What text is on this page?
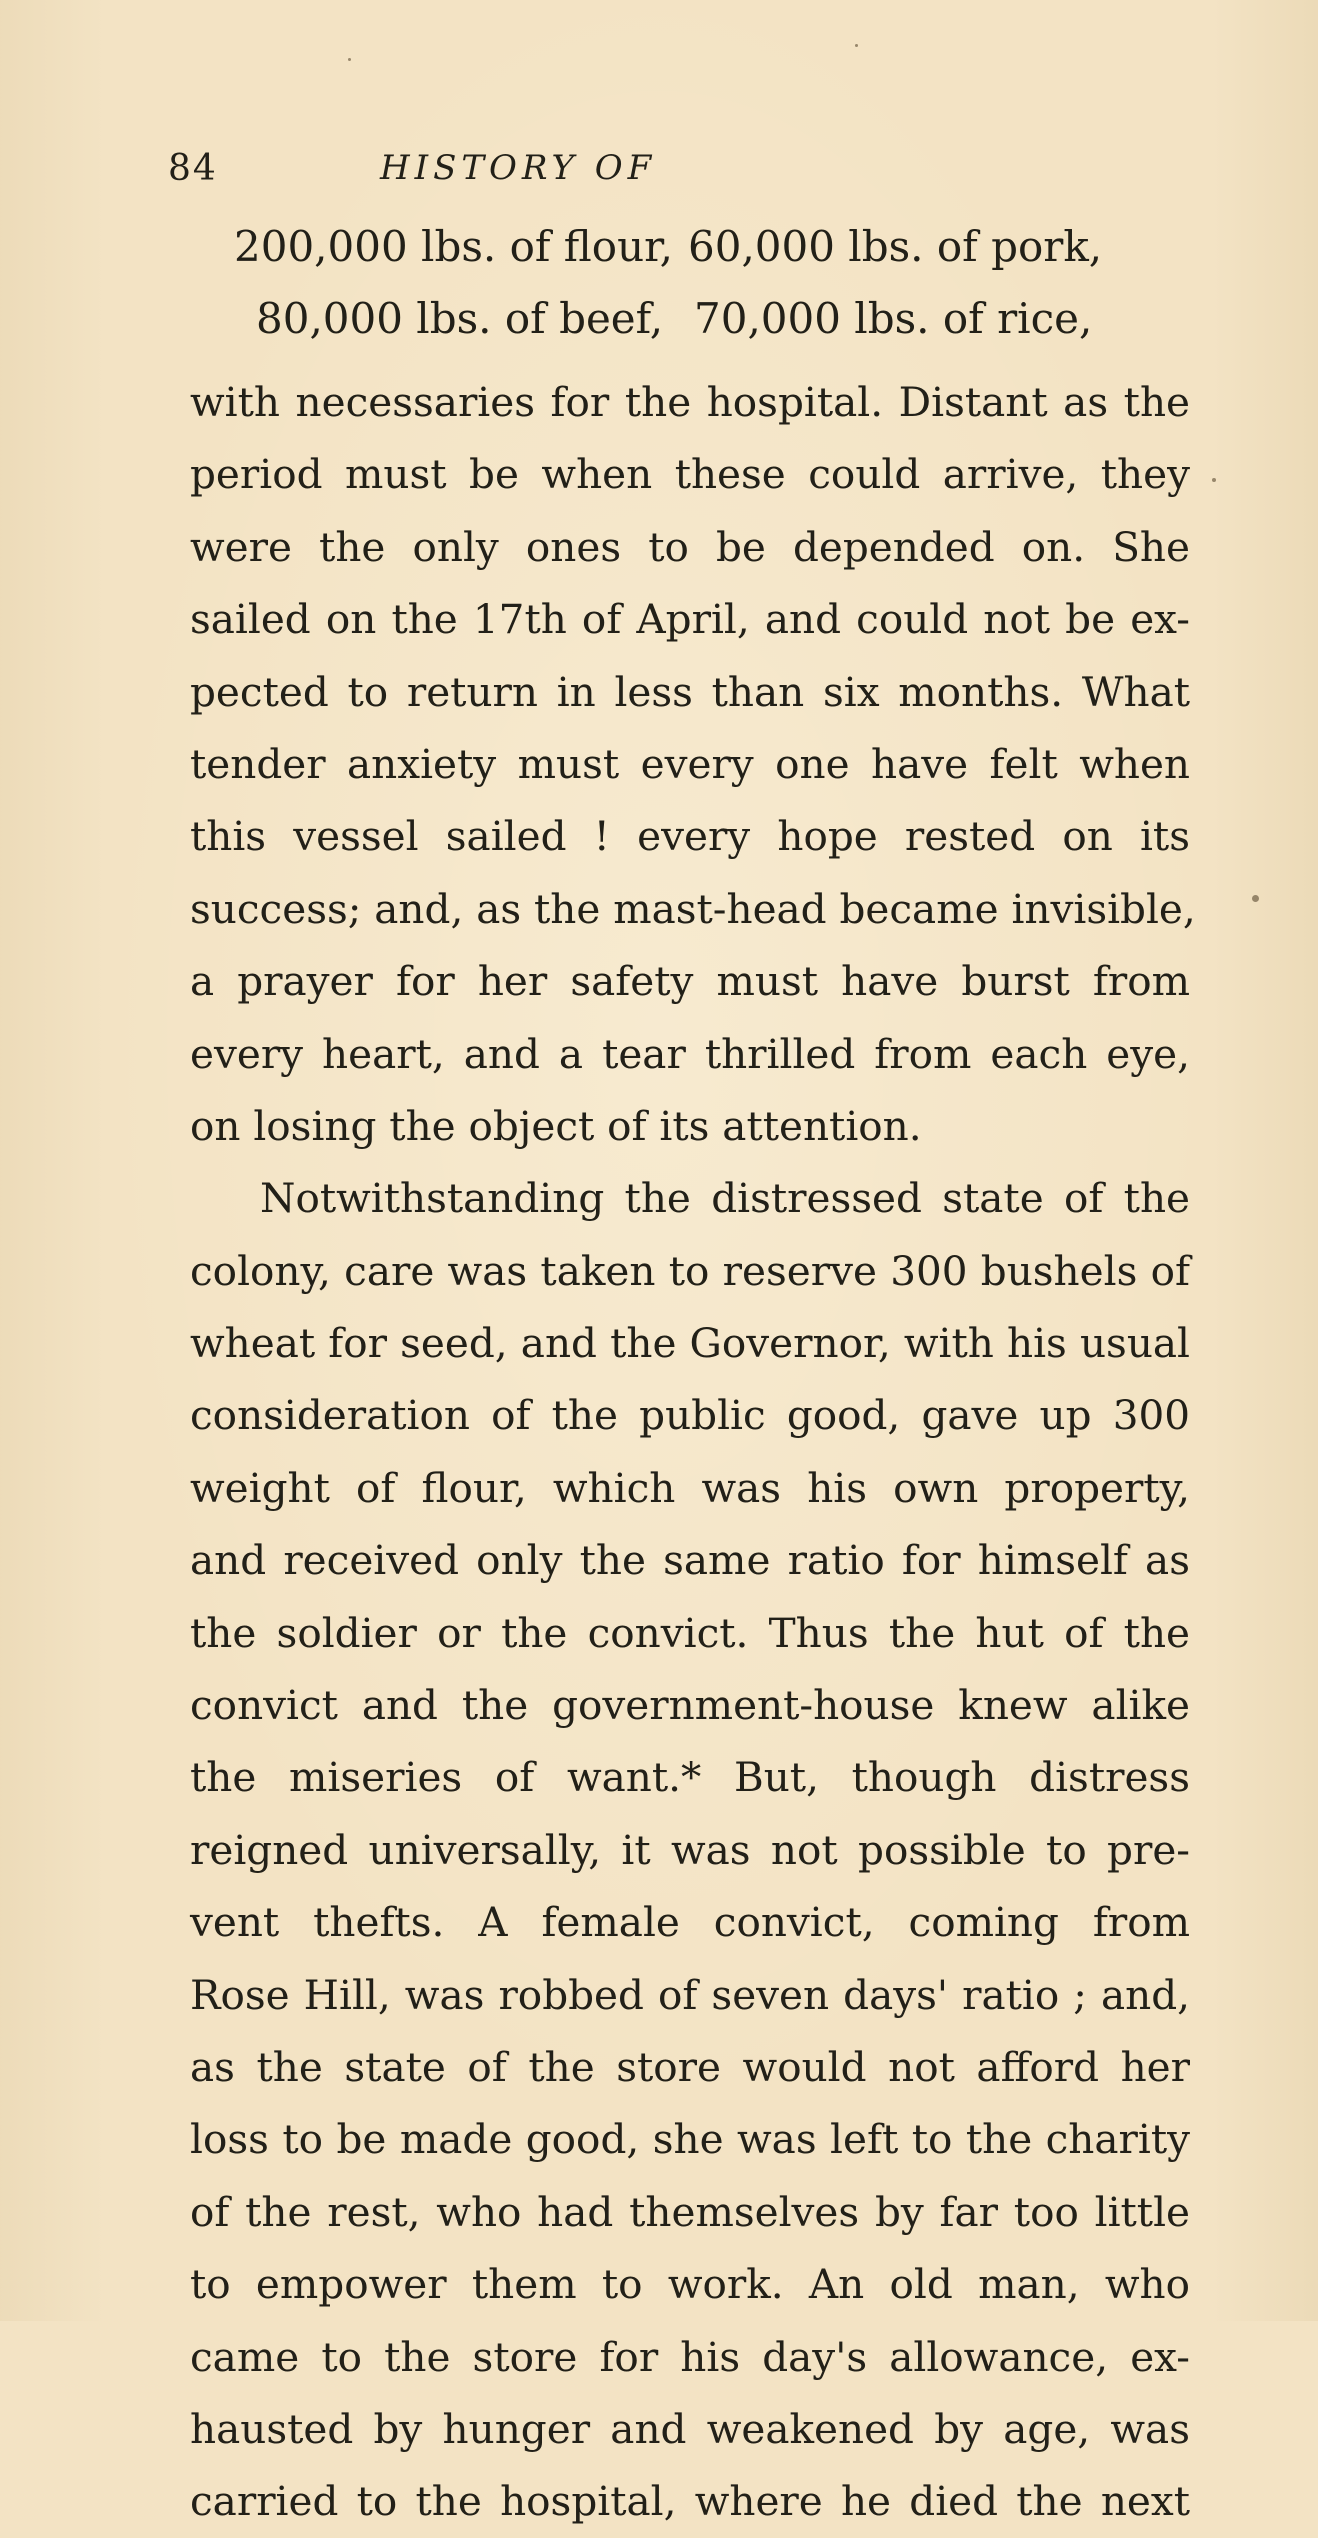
84	HISTORY OF
200,000 lbs. of flour, 60,000 lbs. of pork,
80,000 lbs. of beef, 70,000 lbs. of rice,
with necessaries for the hospital. Distant as the
period must be when these could arrive, they
were the only ones to be depended on. She
sailed on the 17th of April, and could not be ex-
pected to return in less than six months. What
tender anxiety must every one have felt when
this vessel sailed ! every hope rested on its
success; and, as the mast-head became invisible,
a prayer for her safety must have burst from
every heart, and a tear thrilled from each eye,
on losing the object of its attention.
Notwithstanding the distressed state of the
colony, care was taken to reserve 300 bushels of
wheat for seed, and the Governor, with his usual
consideration of the public good, gave up 300
weight of flour, which was his own property,
and received only the same ratio for himself as
the soldier or the convict. Thus the hut of the
convict and the government-house knew alike
the miseries of want.* But, though distress
reigned universally, it was not possible to pre-
vent thefts. A female convict, coming from
Rose Hill, was robbed of seven days' ratio ; and,
as the state of the store would not afford her
loss to be made good, she was left to the charity
of the rest, who had themselves by far too little
to empower them to work. An old man, who
came to the store for his day's allowance, ex-
hausted by hunger and weakened by age, was
carried to the hospital, where he died the next
